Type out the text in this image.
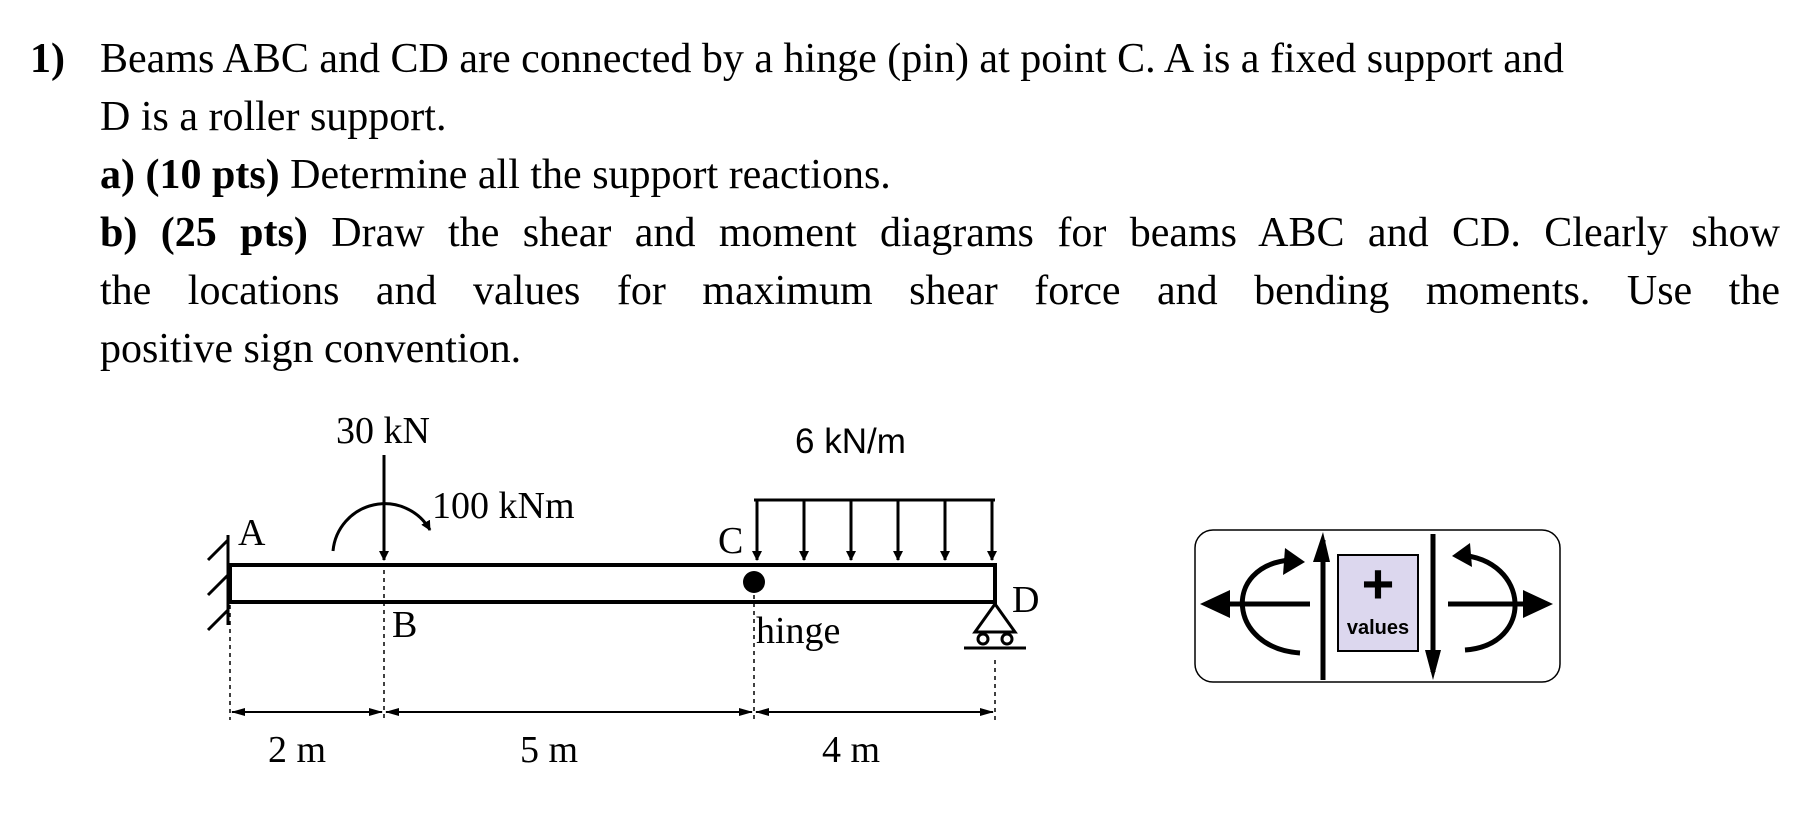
1) Beams ABC and CD are connected by a hinge (pin) at point C. A is a fixed support and
D is a roller support.
a) (10 pts) Determine all the support reactions.
b) (25 pts) Draw the shear and moment diagrams for beams ABC and CD. Clearly show
the locations and values for maximum shear force and bending moments. Use the
positive sign convention.
30 kN
100 kNm
6 kN/m
A
B
C
D
hinge
2 m	5 m	4 m
+
values
